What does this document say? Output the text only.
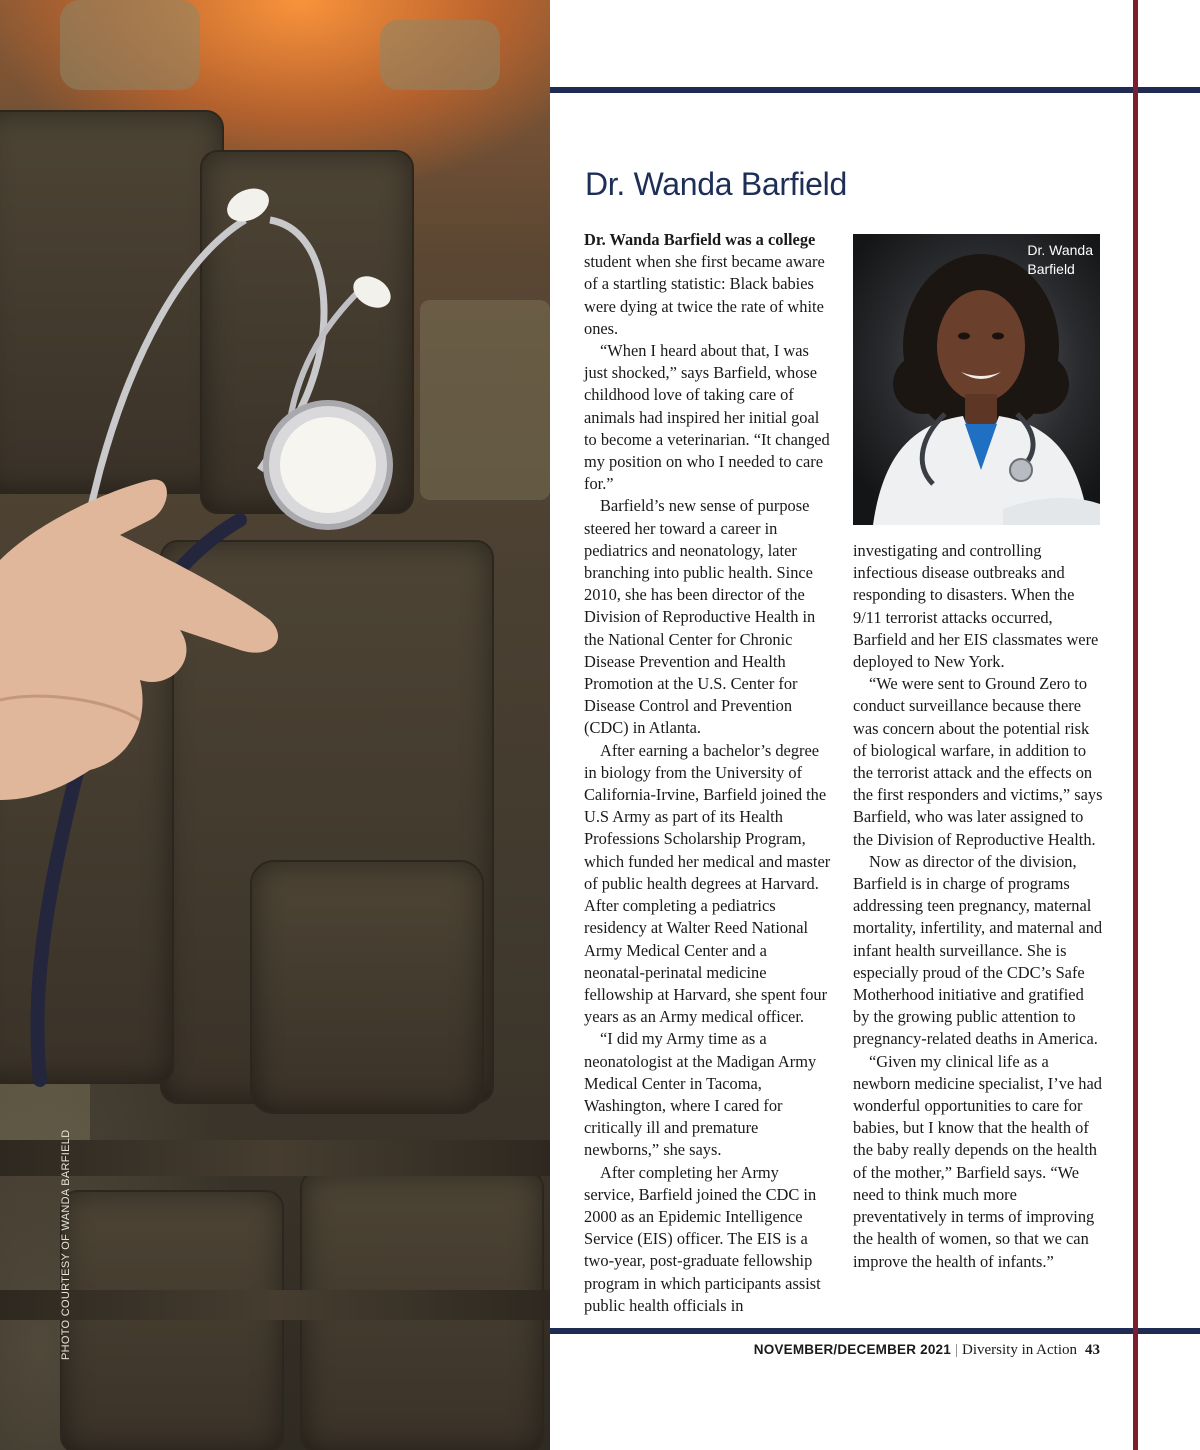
PHOTO COURTESY OF WANDA BARFIELD
Dr. Wanda Barfield

Dr. Wanda Barfield was a college student when she first became aware of a startling statistic: Black babies were dying at twice the rate of white ones.

“When I heard about that, I was just shocked,” says Barfield, whose childhood love of taking care of animals had inspired her initial goal to become a veterinarian. “It changed my position on who I needed to care for.”

Barfield’s new sense of purpose steered her toward a career in pediatrics and neonatology, later branching into public health. Since 2010, she has been director of the Division of Reproductive Health in the National Center for Chronic Disease Prevention and Health Promotion at the U.S. Center for Disease Control and Prevention (CDC) in Atlanta.

After earning a bachelor’s degree in biology from the University of California-Irvine, Barfield joined the U.S Army as part of its Health Professions Scholarship Program, which funded her medical and master of public health degrees at Harvard. After completing a pediatrics residency at Walter Reed National Army Medical Center and a neonatal-perinatal medicine fellowship at Harvard, she spent four years as an Army medical officer.

“I did my Army time as a neonatologist at the Madigan Army Medical Center in Tacoma, Washington, where I cared for critically ill and premature newborns,” she says.

After completing her Army service, Barfield joined the CDC in 2000 as an Epidemic Intelligence Service (EIS) officer. The EIS is a two-year, post-graduate fellowship program in which participants assist public health officials in

Dr. Wanda
Barfield

investigating and controlling infectious disease outbreaks and responding to disasters. When the 9/11 terrorist attacks occurred, Barfield and her EIS classmates were deployed to New York.

“We were sent to Ground Zero to conduct surveillance because there was concern about the potential risk of biological warfare, in addition to the terrorist attack and the effects on the first responders and victims,” says Barfield, who was later assigned to the Division of Reproductive Health.

Now as director of the division, Barfield is in charge of programs addressing teen pregnancy, maternal mortality, infertility, and maternal and infant health surveillance. She is especially proud of the CDC’s Safe Motherhood initiative and gratified by the growing public attention to pregnancy-related deaths in America.

“Given my clinical life as a newborn medicine specialist, I’ve had wonderful opportunities to care for babies, but I know that the health of the baby really depends on the health of the mother,” Barfield says. “We need to think much more preventatively in terms of improving the health of women, so that we can improve the health of infants.”

NOVEMBER/DECEMBER 2021 | Diversity in Action 43
